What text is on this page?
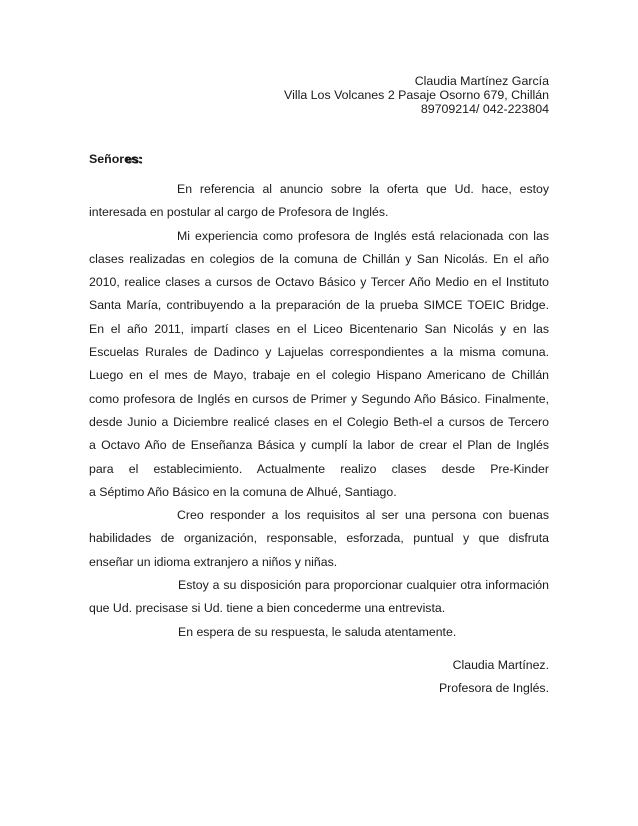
Claudia Martínez García
Villa Los Volcanes 2 Pasaje Osorno 679, Chillán
89709214/ 042-223804
Señores:
En referencia al anuncio sobre la oferta que Ud. hace, estoy
interesada en postular al cargo de Profesora de Inglés.
Mi experiencia como profesora de Inglés está relacionada con las
clases realizadas en colegios de la comuna de Chillán y San Nicolás. En el año
2010, realice clases a cursos de Octavo Básico y Tercer Año Medio en el Instituto
Santa María, contribuyendo a la preparación de la prueba SIMCE TOEIC Bridge.
En el año 2011, impartí clases en el Liceo Bicentenario San Nicolás y en las
Escuelas Rurales de Dadinco y Lajuelas correspondientes a la misma comuna.
Luego en el mes de Mayo, trabaje en el colegio Hispano Americano de Chillán
como profesora de Inglés en cursos de Primer y Segundo Año Básico. Finalmente,
desde Junio a Diciembre realicé clases en el Colegio Beth-el a cursos de Tercero
a Octavo Año de Enseñanza Básica y cumplí la labor de crear el Plan de Inglés
para el establecimiento. Actualmente realizo clases desde Pre-Kinder
a Séptimo Año Básico en la comuna de Alhué, Santiago.
Creo responder a los requisitos al ser una persona con buenas
habilidades de organización, responsable, esforzada, puntual y que disfruta
enseñar un idioma extranjero a niños y niñas.
Estoy a su disposición para proporcionar cualquier otra información
que Ud. precisase si Ud. tiene a bien concederme una entrevista.
En espera de su respuesta, le saluda atentamente.
Claudia Martínez.
Profesora de Inglés.
